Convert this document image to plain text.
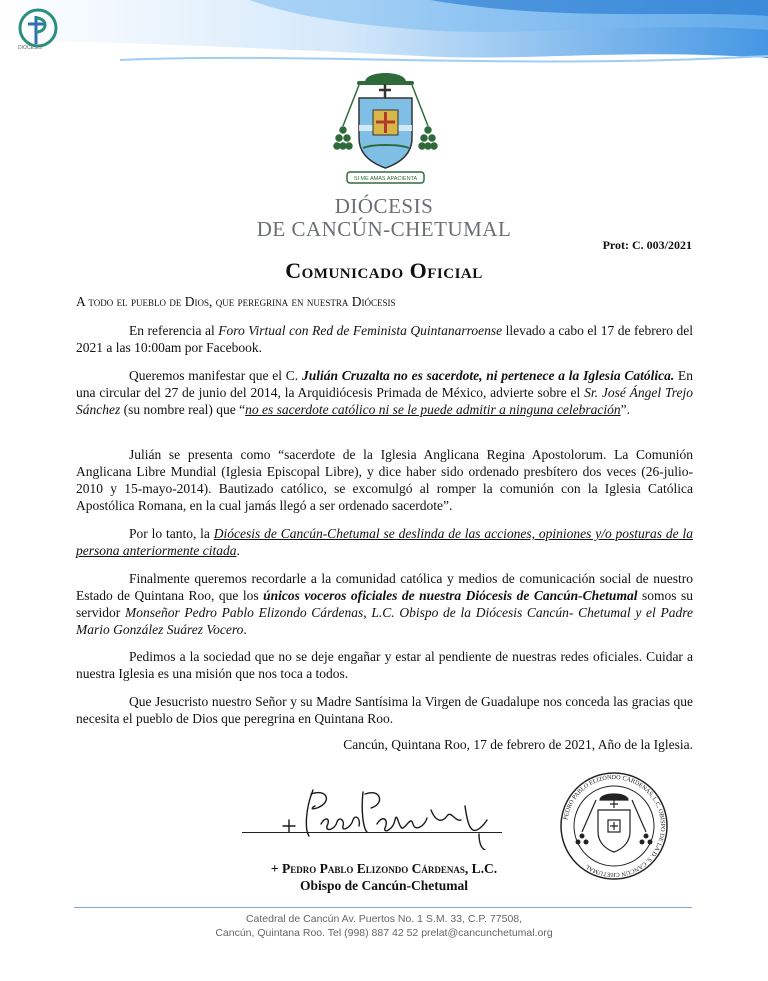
DIÓCESIS
SI ME AMAS APACIENTA
DIÓCESIS
DE CANCÚN-CHETUMAL
Prot: C. 003/2021
Comunicado Oficial
A todo el pueblo de Dios, que peregrina en nuestra Diócesis

En referencia al Foro Virtual con Red de Feminista Quintanarroense llevado a cabo el 17 de febrero del 2021 a las 10:00am por Facebook.

Queremos manifestar que el C. Julián Cruzalta no es sacerdote, ni pertenece a la Iglesia Católica. En una circular del 27 de junio del 2014, la Arquidiócesis Primada de México, advierte sobre el Sr. José Ángel Trejo Sánchez (su nombre real) que “no es sacerdote católico ni se le puede admitir a ninguna celebración”.

Julián se presenta como “sacerdote de la Iglesia Anglicana Regina Apostolorum. La Comunión Anglicana Libre Mundial (Iglesia Episcopal Libre), y dice haber sido ordenado presbítero dos veces (26-julio-2010 y 15-mayo-2014). Bautizado católico, se excomulgó al romper la comunión con la Iglesia Católica Apostólica Romana, en la cual jamás llegó a ser ordenado sacerdote”.

Por lo tanto, la Diócesis de Cancún-Chetumal se deslinda de las acciones, opiniones y/o posturas de la persona anteriormente citada.

Finalmente queremos recordarle a la comunidad católica y medios de comunicación social de nuestro Estado de Quintana Roo, que los únicos voceros oficiales de nuestra Diócesis de Cancún-Chetumal somos su servidor Monseñor Pedro Pablo Elizondo Cárdenas, L.C. Obispo de la Diócesis Cancún- Chetumal y el Padre Mario González Suárez Vocero.

Pedimos a la sociedad que no se deje engañar y estar al pendiente de nuestras redes oficiales. Cuidar a nuestra Iglesia es una misión que nos toca a todos.

Que Jesucristo nuestro Señor y su Madre Santísima la Virgen de Guadalupe nos conceda las gracias que necesita el pueblo de Dios que peregrina en Quintana Roo.

Cancún, Quintana Roo, 17 de febrero de 2021, Año de la Iglesia.
+ Pedro Pablo Elizondo Cárdenas, L.C.
Obispo de Cancún-Chetumal
PEDRO PABLO ELIZONDO CARDENAS, L.C. OBISPO DE LA D. S. CANCUN CHETUMAL
Catedral de Cancún Av. Puertos No. 1 S.M. 33, C.P. 77508,
Cancún, Quintana Roo. Tel (998) 887 42 52 prelat@cancunchetumal.org
